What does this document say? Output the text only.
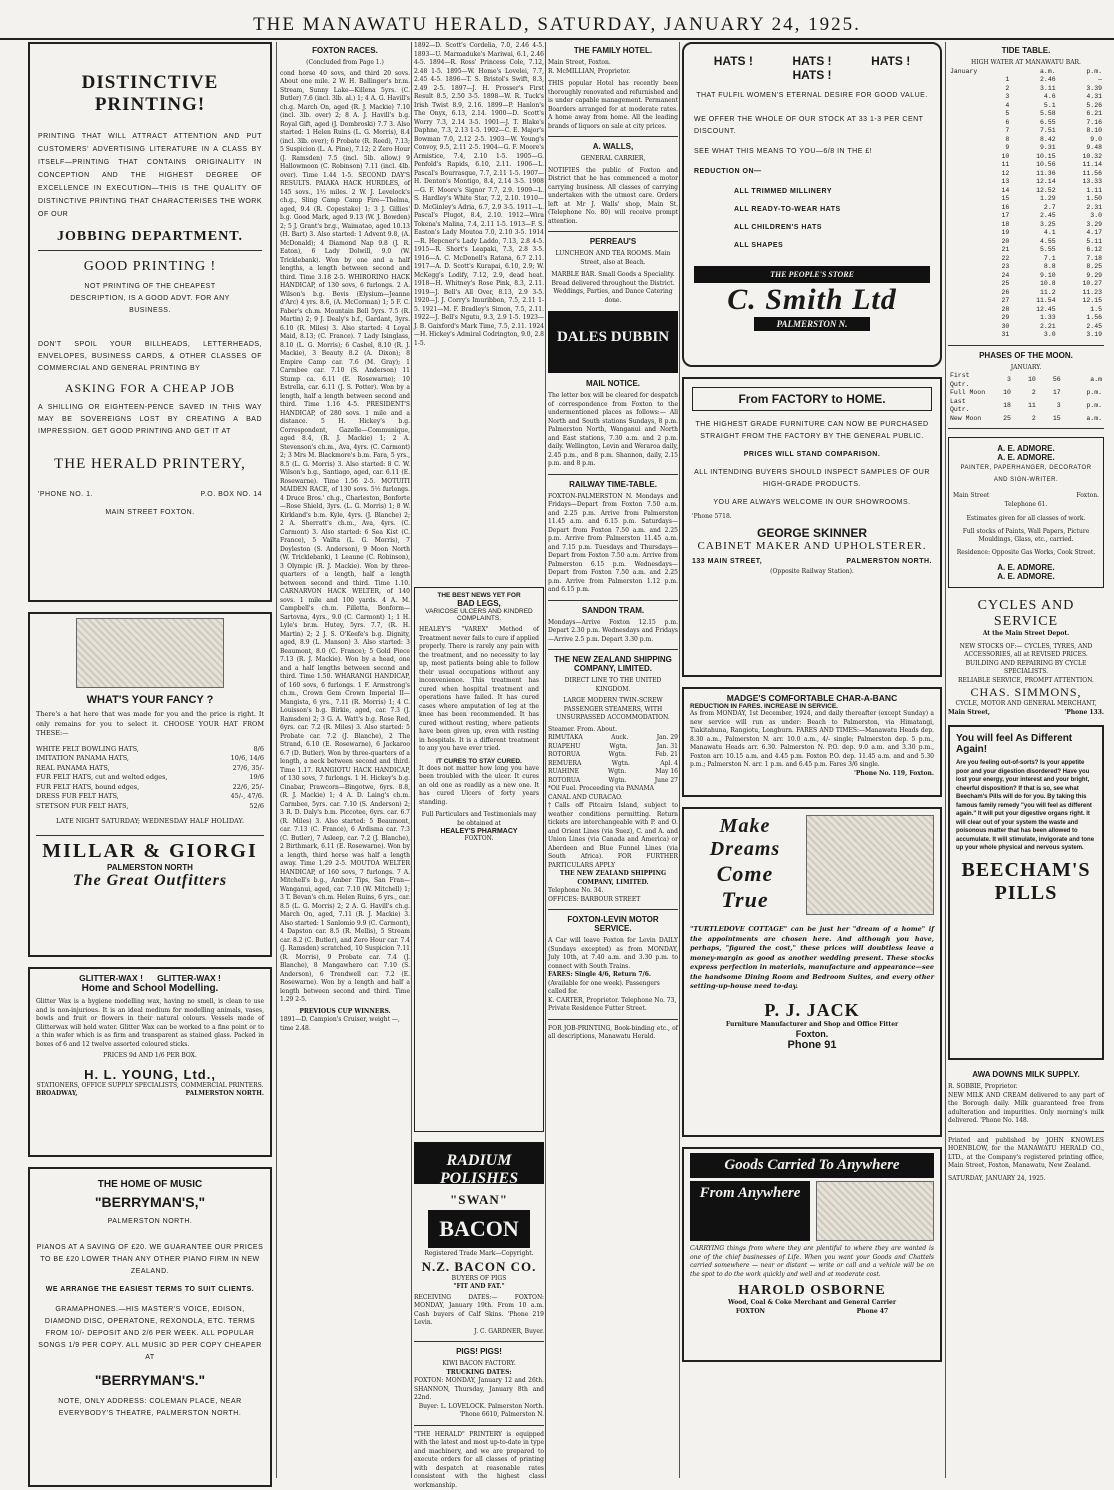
THE MANAWATU HERALD, SATURDAY, JANUARY 24, 1925.
DISTINCTIVE PRINTING!
PRINTING THAT WILL ATTRACT ATTENTION AND PUT CUSTOMERS' ADVERTISING LITERATURE IN A CLASS BY ITSELF—PRINTING THAT CONTAINS ORIGINALITY IN CONCEPTION AND THE HIGHEST DEGREE OF EXCELLENCE IN EXECUTION—THIS IS THE QUALITY OF DISTINCTIVE PRINTING THAT CHARACTERISES THE WORK OF OUR
JOBBING DEPARTMENT.
GOOD PRINTING !
NOT PRINTING OF THE CHEAPEST DESCRIPTION, IS A GOOD ADVT. FOR ANY BUSINESS.
DON'T SPOIL YOUR BILLHEADS, LETTERHEADS, ENVELOPES, BUSINESS CARDS, & OTHER CLASSES OF COMMERCIAL AND GENERAL PRINTING BY
ASKING FOR A CHEAP JOB
A SHILLING OR EIGHTEEN-PENCE SAVED IN THIS WAY MAY BE SOVEREIGNS LOST BY CREATING A BAD IMPRESSION. GET GOOD PRINTING AND GET IT AT
THE HERALD PRINTERY,
'PHONE NO. 1.	P.O. BOX NO. 14
MAIN STREET FOXTON.
WHAT'S YOUR FANCY ?
There's a hat here that was made for you and the price is right. It only remains for you to select it. CHOOSE YOUR HAT FROM THESE:—
WHITE FELT BOWLING HATS,	8/6
IMITATION PANAMA HATS,	10/6, 14/6
REAL PANAMA HATS,	27/6, 35/-
FUR FELT HATS, cut and welted edges,	19/6
FUR FELT HATS, bound edges,	22/6, 25/-
DRESS FUR FELT HATS,	45/-, 47/6.
STETSON FUR FELT HATS,	52/6
LATE NIGHT SATURDAY; WEDNESDAY HALF HOLIDAY.
MILLAR & GIORGI
PALMERSTON NORTH
The Great Outfitters
GLITTER-WAX !      GLITTER-WAX !
Home and School Modelling.
Glitter Wax is a hygiene modelling wax, having no smell, is clean to use and is non-injurious. It is an ideal medium for modelling animals, vases, bowls and fruit or flowers in their natural colours. Vessels made of Glitterwax will hold water. Glitter Wax can be worked to a fine point or to a thin wafer which is as firm and transparent as stained glass. Packed in boxes of 6 and 12 twelve assorted coloured sticks.
PRICES 9d AND 1/6 PER BOX.
H. L. YOUNG, Ltd.,
STATIONERS, OFFICE SUPPLY SPECIALISTS, COMMERCIAL PRINTERS.
BROADWAY,	PALMERSTON NORTH.
THE HOME OF MUSIC
"BERRYMAN'S,"
PALMERSTON NORTH.
PIANOS AT A SAVING OF £20. WE GUARANTEE OUR PRICES TO BE £20 LOWER THAN ANY OTHER PIANO FIRM IN NEW ZEALAND.
WE ARRANGE THE EASIEST TERMS TO SUIT CLIENTS.
GRAMAPHONES.—HIS MASTER'S VOICE, EDISON, DIAMOND DISC, OPERATONE, REXONOLA, ETC. TERMS FROM 10/- DEPOSIT AND 2/6 PER WEEK. ALL POPULAR SONGS 1/9 PER COPY. ALL MUSIC 3D PER COPY CHEAPER AT
"BERRYMAN'S."
NOTE, ONLY ADDRESS: COLEMAN PLACE, NEAR EVERYBODY'S THEATRE, PALMERSTON NORTH.
FOXTON RACES.
(Concluded from Page 1.)
cond horse 40 sovs, and third 20 sovs. About one mile. 2 W. H. Ballinger's br.m. Stream, Sunny Lake—Killena 5yrs. (C. Butler) 7.6 (incl. 3lb. al.) 1; 4 A. G. Havill's ch.g. March On, aged (R. J. Mackie) 7.10 (incl. 3lb. over) 2; 8 A. J. Havill's b.g. Royal Gift, aged (J. Dombroski) 7.7 3. Also started: 1 Helen Ruins (L. G. Morris), 8.4 (incl. 3lb. over); 6 Probate (R. Reed), 7.13; 5 Suspicion (L. A. Pine), 7.12; 2 Zero Hour (J. Ramsden) 7.5 (incl. 5lb. allow.) 9 Hallowmoon (C. Robinson) 7.11 (incl. 4lb. over). Time 1.44 1-5. SECOND DAY'S RESULTS. PAIAKA HACK HURDLES, of 145 sovs., 1½ miles. 2 W. J. Levelock's ch.g., Sling Camp Camp Fire—Thelma, aged, 9.4 (R. Copestake) 1; 3 J. Gillies' b.g. Good Mark, aged 9.13 (W. J. Bowden) 2; 5 J. Grant's br.g., Waimatao, aged 10.13 (H. Bart) 3. Also started: 1 Advent 9.8, (A. McDonald); 4 Diamond Nap 9.8 (J. R. Eaton), 6 Lady Dolwill, 9.0 (W. Tricklebank). Won by one and a half lengths, a length between second and third. Time 3.18 2-5. WHIRORINO HACK HANDICAP, of 130 sovs, 6 furlongs. 2 A. Wilson's b.g. Bevis (Elysium—Jeanne d'Arc) 4 yrs. 8.6, (A. McCorman) 1; 5 F. C. Faber's ch.m. Mountain Bell 5yrs. 7.5 (R. Martin) 2; 9 J. Dealy's b.f., Gardant, 3yrs. 6.10 (R. Miles) 3. Also started: 4 Loyal Maid, 8.13; (C. France). 7 Lady Isinglass, 8.10 (L. G. Morris); 6 Cashel, 8.10 (R. J. Mackie), 3 Beauty 8.2 (A. Dixon); 8 Empire Camp car. 7.6 (M. Gray); 1 Carmbee car. 7.10 (S. Anderson) 11 Stump ca. 6.11 (E. Rosewarne); 10 Estrella, car. 6.11 (J. S. Potter). Won by a length, half a length between second and third. Time 1.16 4-5. PRESIDENT'S HANDICAP, of 280 sovs. 1 mile and a distance. 5 H. Hickey's b.g. Correspondent, Gazelle—Communique, aged 8.4, (R. J. Mackie) 1; 2 A. Stevenson's ch.m., Ava, 4yrs. (C. Carmont) 2; 3 Mrs M. Blackmore's b.m. Fara, 5 yrs., 8.5 (L. G. Morris) 3. Also started: 8 C. W. Wilson's b.g., Santiago, aged, car. 6.11 (E. Rosewarne). Time 1.56 2-5. MOTUITI MAIDEN RACE, of 130 sovs. 5½ furlongs. 4 Druce Bros.' ch.g., Charleston, Bonforte—Rose Shield, 3yrs. (L. G. Morris) 1; 8 W. Kirkland's b.m. Kyle, 4yrs. (J. Blanche) 2; 2 A. Sherratt's ch.m., Ava, 4yrs. (C. Carmont) 3. Also started: 6 Sea Kist (C. France), 5 Vailta (L. G. Morris), 7 Doyleston (S. Anderson), 9 Moon North (W. Tricklebank), 1 Leaune (C. Robinson), 3 Olympic (R. J. Mackie). Won by three-quarters of a length, half a length between second and third. Time 1.10. CARNARVON HACK WELTER, of 140 sovs. 1 mile and 100 yards. 4 A. M. Campbell's ch.m. Filletta, Bonform—Sartovna, 4yrs., 9.0 (C. Carmont) 1; 1 H. Lyle's br.m. Hutey, 5yrs. 7.7, (R. H. Martin) 2; 2 J. S. O'Keefe's b.g. Dignity, aged, 8.9 (L. Manson) 3. Also started: 3 Beaumont, 8.0 (C. France); 5 Gold Piece 7.13 (R. J. Mackie). Won by a head, one and a half lengths between second and third. Time 1.50. WHARANGI HANDICAP, of 160 sovs, 6 furlongs. 1 F. Armstrong's ch.m., Crown Gem Crown Imperial II—Mangista, 6 yrs., 7.11 (R. Morris) 1; 4 C. Louisson's b.g. Birkie, aged, car. 7.3 (J. Ramsden) 2; 3 G. A. Watt's b.g. Rose Red, 6yrs. car. 7.2 (R. Miles) 3. Also started: 5 Probate car. 7.2 (J. Blanche), 2 The Strand, 6.10 (E. Rosewarne), 6 Jackaroo 6.7 (D. Butler). Won by three-quarters of a length, a neck between second and third. Time 1.17. RANGIOTU HACK HANDICAP, of 130 sovs, 7 furlongs. 1 H. Hickey's b.g. Cinabar, Prawcorn—Bingotwe, 6yrs. 8.8, (R. J. Mackie) 1; 4 A. D. Laing's ch.m. Carmbee, 5yrs. car. 7.10 (S. Anderson) 2; 3 R. D. Daly's b.m. Piccotee, 6yrs. car. 6.7 (R. Miles) 3. Also started: 5 Beaumont, car. 7.13 (C. France), 6 Ardisma car. 7.3 (C. Butler), 7 Asleep, car. 7.2 (J. Blanche), 2 Birthmark, 6.11 (E. Rosewarne). Won by a length, third horse was half a length away. Time 1.29 2-5. MOUTOA WELTER HANDICAP, of 160 sovs, 7 furlongs. 7 A. Mitchell's b.g., Amber Tips, San Fran—Wanganui, aged, car. 7.10 (W. Mitchell) 1; 3 T. Bevan's ch.m. Helen Ruins, 6 yrs., car. 8.5 (L. G. Morris) 2; 2 A. G. Havill's ch.g. March On, aged, 7.11 (R. J. Mackie) 3. Also started: 1 Sanlomio 9.9 (C. Carmont), 4 Dapston car. 8.5 (R. Mellis), 5 Stream car. 8.2 (C. Butler), and Zero Hour car. 7.4 (J. Ramsden) scratched, 10 Suspicion 7.11 (R. Morris), 9 Probate car. 7.4 (J. Blanche), 8 Mangawhero car. 7.10 (S. Anderson), 6 Trendwell car. 7.2 (E. Rosewarne). Won by a length and half a length between second and third. Time 1.29 2-5.
PREVIOUS CUP WINNERS.
1891—D. Campion's Cruiser, weight —, time 2.48.
1892—D. Scott's Cordelia, 7.0, 2.46 4-5. 1893—U. Marmaduke's Mariwai, 6.1, 2.46 4-5. 1894—R. Ross' Princess Cole, 7.12, 2.48 1-5. 1895—W. Home's Lovelei, 7.7, 2.45 4-5. 1896—T. S. Bristol's Swift, 8.3, 2.49 2-5. 1897—J. H. Prosser's First Result 8.5, 2.50 3-5. 1898—W. R. Tuck's Irish Twist 8.9, 2.16. 1899—P. Hanlon's The Onyx, 6.13, 2.14. 1900—D. Scott's Worry 7.3, 2.14 3-5. 1901—J. T. Blake's Daphne, 7.3, 2.13 1-5. 1902—C. E. Major's Bowman 7.0, 2.12 2-5. 1903—W. Young's Convoy, 9.5, 2.11 2-5. 1904—G. F. Moore's Armistice, 7.4, 2.10 1-5. 1905—G. Penfold's Rapids, 6.10, 2.11. 1906—L. Pascal's Bourrasque, 7.7, 2.11 1-5. 1907—H. Denton's Montigo, 8.4, 2.14 3-5. 1908—G. F. Moore's Signor 7.7, 2.9. 1909—L. S. Hardley's White Star, 7.2, 2.10. 1910—D. McGinley's Adria, 6.7, 2.9 3-5. 1911—L. Pascal's Plugot, 8.4, 2.10. 1912—Wira Tokena's Malina, 7.4, 2.11 1-5. 1913—F. S. Easton's Lady Moutoa 7.0, 2.10 3-5. 1914—R. Hepcner's Lady Laddo, 7.13, 2.8 4-5. 1915—R. Short's Leapaki, 7.3, 2.8 3-5. 1916—A. C. McDonell's Ratana, 6.7 2.11. 1917—A. D. Scott's Kurapai, 6.10, 2.9; W. McKegg's Lodify, 7.12, 2.9, dead heat. 1918—H. Whitney's Rose Pink, 8.3, 2.11. 1919—J. Bell's All Over, 8.13, 2.9 3-5. 1920—J. J. Corry's Imuribbon, 7.5, 2.11 1-5. 1921—M. F. Bradley's Simon, 7.5, 2.11. 1922—J. Bell's Ngutu, 9.3, 2.9 1-5. 1923—J. B. Gaixford's Mark Time, 7.5, 2.11. 1924—H. Hickey's Admiral Codrington, 9.0, 2.8 1-5.
THE BEST NEWS YET FOR
BAD LEGS,
VARICOSE ULCERS AND KINDRED COMPLAINTS.
HEALEY'S "VAREX" Method of Treatment never fails to cure if applied properly. There is rarely any pain with the treatment, and no necessity to lay up, most patients being able to follow their usual occupations without any inconvenience. This treatment has cured when hospital treatment and operations have failed. It has cured cases where amputation of leg at the knee has been recommended. It has cured without resting, where patients have been given up, even with resting in hospitals. It is a different treatment to any you have ever tried.
IT CURES TO STAY CURED.
It does not matter how long you have been troubled with the ulcer. It cures an old one as readily as a new one. It has cured Ulcers of forty years standing.
Full Particulars and Testimonials may be obtained at
HEALEY'S PHARMACY
FOXTON.
RADIUM POLISHES
"SWAN"
BACON
Registered Trade Mark—Copyright.
N.Z. BACON CO.
BUYERS OF PIGS
"FIT AND FAT."
RECEIVING DATES:— FOXTON: MONDAY, January 19th. From 10 a.m. Cash buyers of Calf Skins. 'Phone 219 Levin.
J. C. GARDNER, Buyer.
PIGS! PIGS!
KIWI BACON FACTORY.
TRUCKING DATES:
FOXTON: MONDAY, January 12 and 26th. SHANNON, Thursday, January 8th and 22nd.
Buyer: L. LOVELOCK. Palmerston North. 'Phone 6610, Palmerston N.
"THE HERALD" PRINTERY is equipped with the latest and most up-to-date in type and machinery, and we are prepared to execute orders for all classes of printing with despatch at reasonable rates consistent with the highest class workmanship.
THE FAMILY HOTEL.
Main Street, Foxton.
R. McMILLIAN, Proprietor.
THIS popular Hotel has recently been thoroughly renovated and refurnished and is under capable management. Permanent Boarders arranged for at moderate rates. A home away from home. All the leading brands of liquors on sale at city prices.
A. WALLS,
GENERAL CARRIER,
NOTIFIES the public of Foxton and District that he has commenced a motor carrying business. All classes of carrying undertaken with the utmost care. Orders left at Mr J. Walls' shop, Main St. (Telephone No. 80) will receive prompt attention.
PERREAU'S
LUNCHEON AND TEA ROOMS. Main Street, also at Beach.
MARBLE BAR. Small Goods a Speciality. Bread delivered throughout the District. Weddings, Parties, and Dance Catering done.
DALES DUBBIN
MAIL NOTICE.
The letter box will be cleared for despatch of correspondence from Foxton to the undermentioned places as follows:— All North and South stations Sundays, 8 p.m. Palmerston North, Wanganui and North and East stations, 7.30 a.m. and 2 p.m. daily. Wellington, Levin and Weraroa daily, 2.45 p.m., and 8 p.m. Shannon, daily, 2.15 p.m. and 8 p.m.
RAILWAY TIME-TABLE.
FOXTON-PALMERSTON N. Mondays and Fridays—Depart from Foxton 7.50 a.m. and 2.25 p.m. Arrive from Palmerston 11.45 a.m. and 6.15 p.m. Saturdays—Depart from Foxton 7.50 a.m. and 2.25 p.m. Arrive from Palmerston 11.45 a.m. and 7.15 p.m. Tuesdays and Thursdays—Depart from Foxton 7.50 a.m. Arrive from Palmerston 6.15 p.m. Wednesdays—Depart from Foxton 7.50 a.m. and 2.25 p.m. Arrive from Palmerston 1.12 p.m. and 6.15 p.m.
SANDON TRAM.
Mondays—Arrive Foxton 12.15 p.m. Depart 2.30 p.m. Wednesdays and Fridays—Arrive 2.5 p.m. Depart 3.30 p.m.
THE NEW ZEALAND SHIPPING COMPANY, LIMITED.
DIRECT LINE TO THE UNITED KINGDOM.
LARGE MODERN TWIN-SCREW PASSENGER STEAMERS, WITH UNSURPASSED ACCOMMODATION.
Steamer. From. About.
RIMUTAKA	Auck.	Jan. 29
RUAPEHU	Wgtn.	Jan. 31
ROTORUA	Wgtn.	Feb. 21
REMUERA	Wgtn.	Apl. 4
RUAHINE	Wgtn.	May 16
ROTORUA	Wgtn.	June 27
*Oil Fuel. Proceeding via PANAMA CANAL AND CURACAO.
†Calls off Pitcairn Island, subject to weather conditions permitting. Return tickets are interchangeable with P. and O. and Orient Lines (via Suez), C. and A. and Union Lines (via Canada and America) or Aberdeen and Blue Funnel Lines (via South Africa). FOR FURTHER PARTICULARS APPLY
THE NEW ZEALAND SHIPPING COMPANY, LIMITED.
Telephone No. 34.
OFFICES: BARBOUR STREET
FOXTON-LEVIN MOTOR SERVICE.
A Car will leave Foxton for Levin DAILY (Sundays excepted) as from MONDAY, July 10th, at 7.40 a.m. and 3.30 p.m. to connect with South Trains.
FARES: Single 4/6, Return 7/6.
(Available for one week). Passengers called for.
K. CARTER, Proprietor. Telephone No. 73, Private Residence Futter Street.
FOR JOB-PRINTING, Book-binding etc., of all descriptions, Manawatu Herald.
HATS !	HATS !	HATS !
HATS !
THAT FULFIL WOMEN'S ETERNAL DESIRE FOR GOOD VALUE.
WE OFFER THE WHOLE OF OUR STOCK AT 33 1-3 PER CENT DISCOUNT.
SEE WHAT THIS MEANS TO YOU—6/8 IN THE £!
REDUCTION ON—
ALL TRIMMED MILLINERY
ALL READY-TO-WEAR HATS
ALL CHILDREN'S HATS
ALL SHAPES
THE PEOPLE'S STORE
C. Smith Ltd
PALMERSTON N.
From FACTORY to HOME.
THE HIGHEST GRADE FURNITURE CAN NOW BE PURCHASED STRAIGHT FROM THE FACTORY BY THE GENERAL PUBLIC.
PRICES WILL STAND COMPARISON.
ALL INTENDING BUYERS SHOULD INSPECT SAMPLES OF OUR HIGH-GRADE PRODUCTS.
YOU ARE ALWAYS WELCOME IN OUR SHOWROOMS.
'Phone 5718.
GEORGE SKINNER
CABINET MAKER AND UPHOLSTERER.
133 MAIN STREET,	PALMERSTON NORTH.
(Opposite Railway Station).
MADGE'S COMFORTABLE CHAR-A-BANC
REDUCTION IN FARES. INCREASE IN SERVICE.
As from MONDAY, 1st December, 1924, and daily thereafter (except Sunday) a new service will run as under: Beach to Palmerston, via Himatangi, Tiakitahuna, Rangiotu, Longburn. FARES AND TIMES:—Manawatu Heads dep. 8.30 a.m., Palmerston N. arr. 10.0 a.m., 4/- single; Palmerston dep. 5 p.m., Manawatu Heads arr. 6.30. Palmerston N. P.O. dep. 9.0 a.m. and 3.30 p.m., Foxton arr. 10.15 a.m. and 4.45 p.m. Foxton P.O. dep. 11.45 a.m. and and 5.30 p.m.; Palmerston N. arr. 1 p.m. and 6.45 p.m. Fares 3/6 single.
'Phone No. 119, Foxton.
Make Dreams
Come True
"TURTLEDOVE COTTAGE" can be just her "dream of a home" if the appointments are chosen here. And although you have, perhaps, "figured the cost," these prices will doubtless leave a money-margin as good as another wedding present. These stocks express perfection in materials, manufacture and appearance—see the handsome Dining Room and Bedroom Suites, and every other setting-up-house need to-day.
P. J. JACK
Furniture Manufacturer and Shop and Office Fitter
Foxton.
Phone 91
Goods Carried To Anywhere
From Anywhere
CARRYING things from where they are plentiful to where they are wanted is one of the chief businesses of Life. When you want your Goods and Chattels carried somewhere — near or distant — write or call and a vehicle will be on the spot to do the work quickly and well and at moderate cost.
HAROLD OSBORNE
Wood, Coal & Coke Merchant and General Carrier
FOXTON	Phone 47
TIDE TABLE.
HIGH WATER AT MANAWATU BAR.
January		a.m.	p.m.
	1	2.46	—
	2	3.11	3.39
	3	4.6	4.31
	4	5.1	5.26
	5	5.58	6.21
	6	6.55	7.16
	7	7.51	8.10
	8	8.42	9.0
	9	9.31	9.48
	10	10.15	10.32
	11	10.56	11.14
	12	11.36	11.56
	13	12.14	13.33
	14	12.52	1.11
	15	1.29	1.50
	16	2.7	2.31
	17	2.45	3.0
	18	3.25	3.29
	19	4.1	4.17
	20	4.55	5.11
	21	5.55	6.12
	22	7.1	7.18
	23	8.8	8.25
	24	9.10	9.29
	25	10.8	10.27
	26	11.2	11.23
	27	11.54	12.15
	28	12.45	1.5
	29	1.33	1.56
	30	2.21	2.45
	31	3.0	3.19
PHASES OF THE MOON.
JANUARY.
First Qutr.	3	10	56	a.m
Full Moon	10	2	17	p.m.
Last Qutr.	18	11	3	p.m.
New Moon	25	2	15	a.m.
A. E. ADMORE.
A. E. ADMORE.
PAINTER, PAPERHANGER, DECORATOR AND SIGN-WRITER.
Main Street	Foxton.
Telephone 61.
Estimates given for all classes of work.
Full stocks of Paints, Wall Papers, Picture Mouldings, Glass, etc., carried.
Residence: Opposite Gas Works, Cook Street.
A. E. ADMORE.
A. E. ADMORE.
CYCLES AND SERVICE
At the Main Street Depot.
NEW STOCKS OF:— CYCLES, TYRES, AND ACCESSORIES, all at REVISED PRICES. BUILDING AND REPAIRING BY CYCLE SPECIALISTS.
RELIABLE SERVICE, PROMPT ATTENTION.
CHAS. SIMMONS,
CYCLE, MOTOR AND GENERAL MERCHANT,
Main Street,	'Phone 133.
You will feel As Different Again!
Are you feeling out-of-sorts? Is your appetite poor and your digestion disordered? Have you lost your energy, your interest and your bright, cheerful disposition? If that is so, see what Beecham's Pills will do for you. By taking this famous family remedy "you will feel as different again." It will put your digestive organs right. It will clear out of your system the waste and poisonous matter that has been allowed to accumulate. It will stimulate, invigorate and tone up your whole physical and nervous system.
BEECHAM'S PILLS
AWA DOWNS MILK SUPPLY.
R. SOBBIE, Proprietor.
NEW MILK AND CREAM delivered to any part of the Borough daily. Milk guaranteed free from adulteration and impurities. Only morning's milk delivered. 'Phone No. 148.
Printed and published by JOHN KNOWLES HOENBLOW, for the MANAWATU HERALD CO., LTD., at the Company's registered printing office, Main Street, Foxton, Manawatu, New Zealand.
SATURDAY, JANUARY 24, 1925.
